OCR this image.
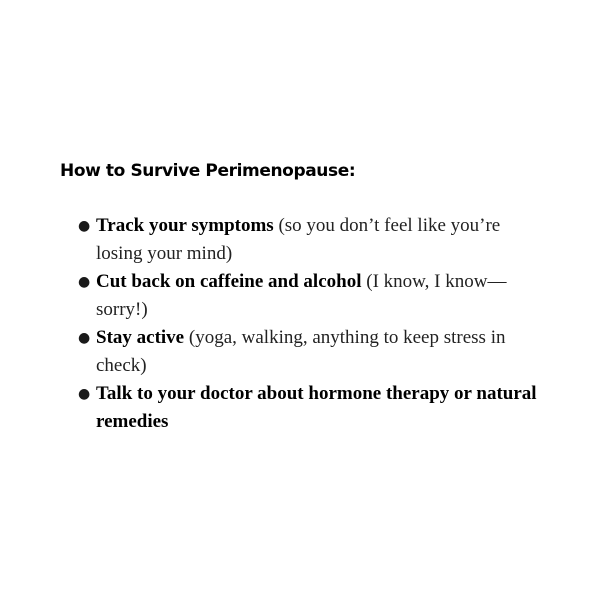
How to Survive Perimenopause:
● Track your symptoms (so you don’t feel like you’re losing your mind)
● Cut back on caffeine and alcohol (I know, I know— sorry!)
● Stay active (yoga, walking, anything to keep stress in check)
● Talk to your doctor about hormone therapy or natural remedies
